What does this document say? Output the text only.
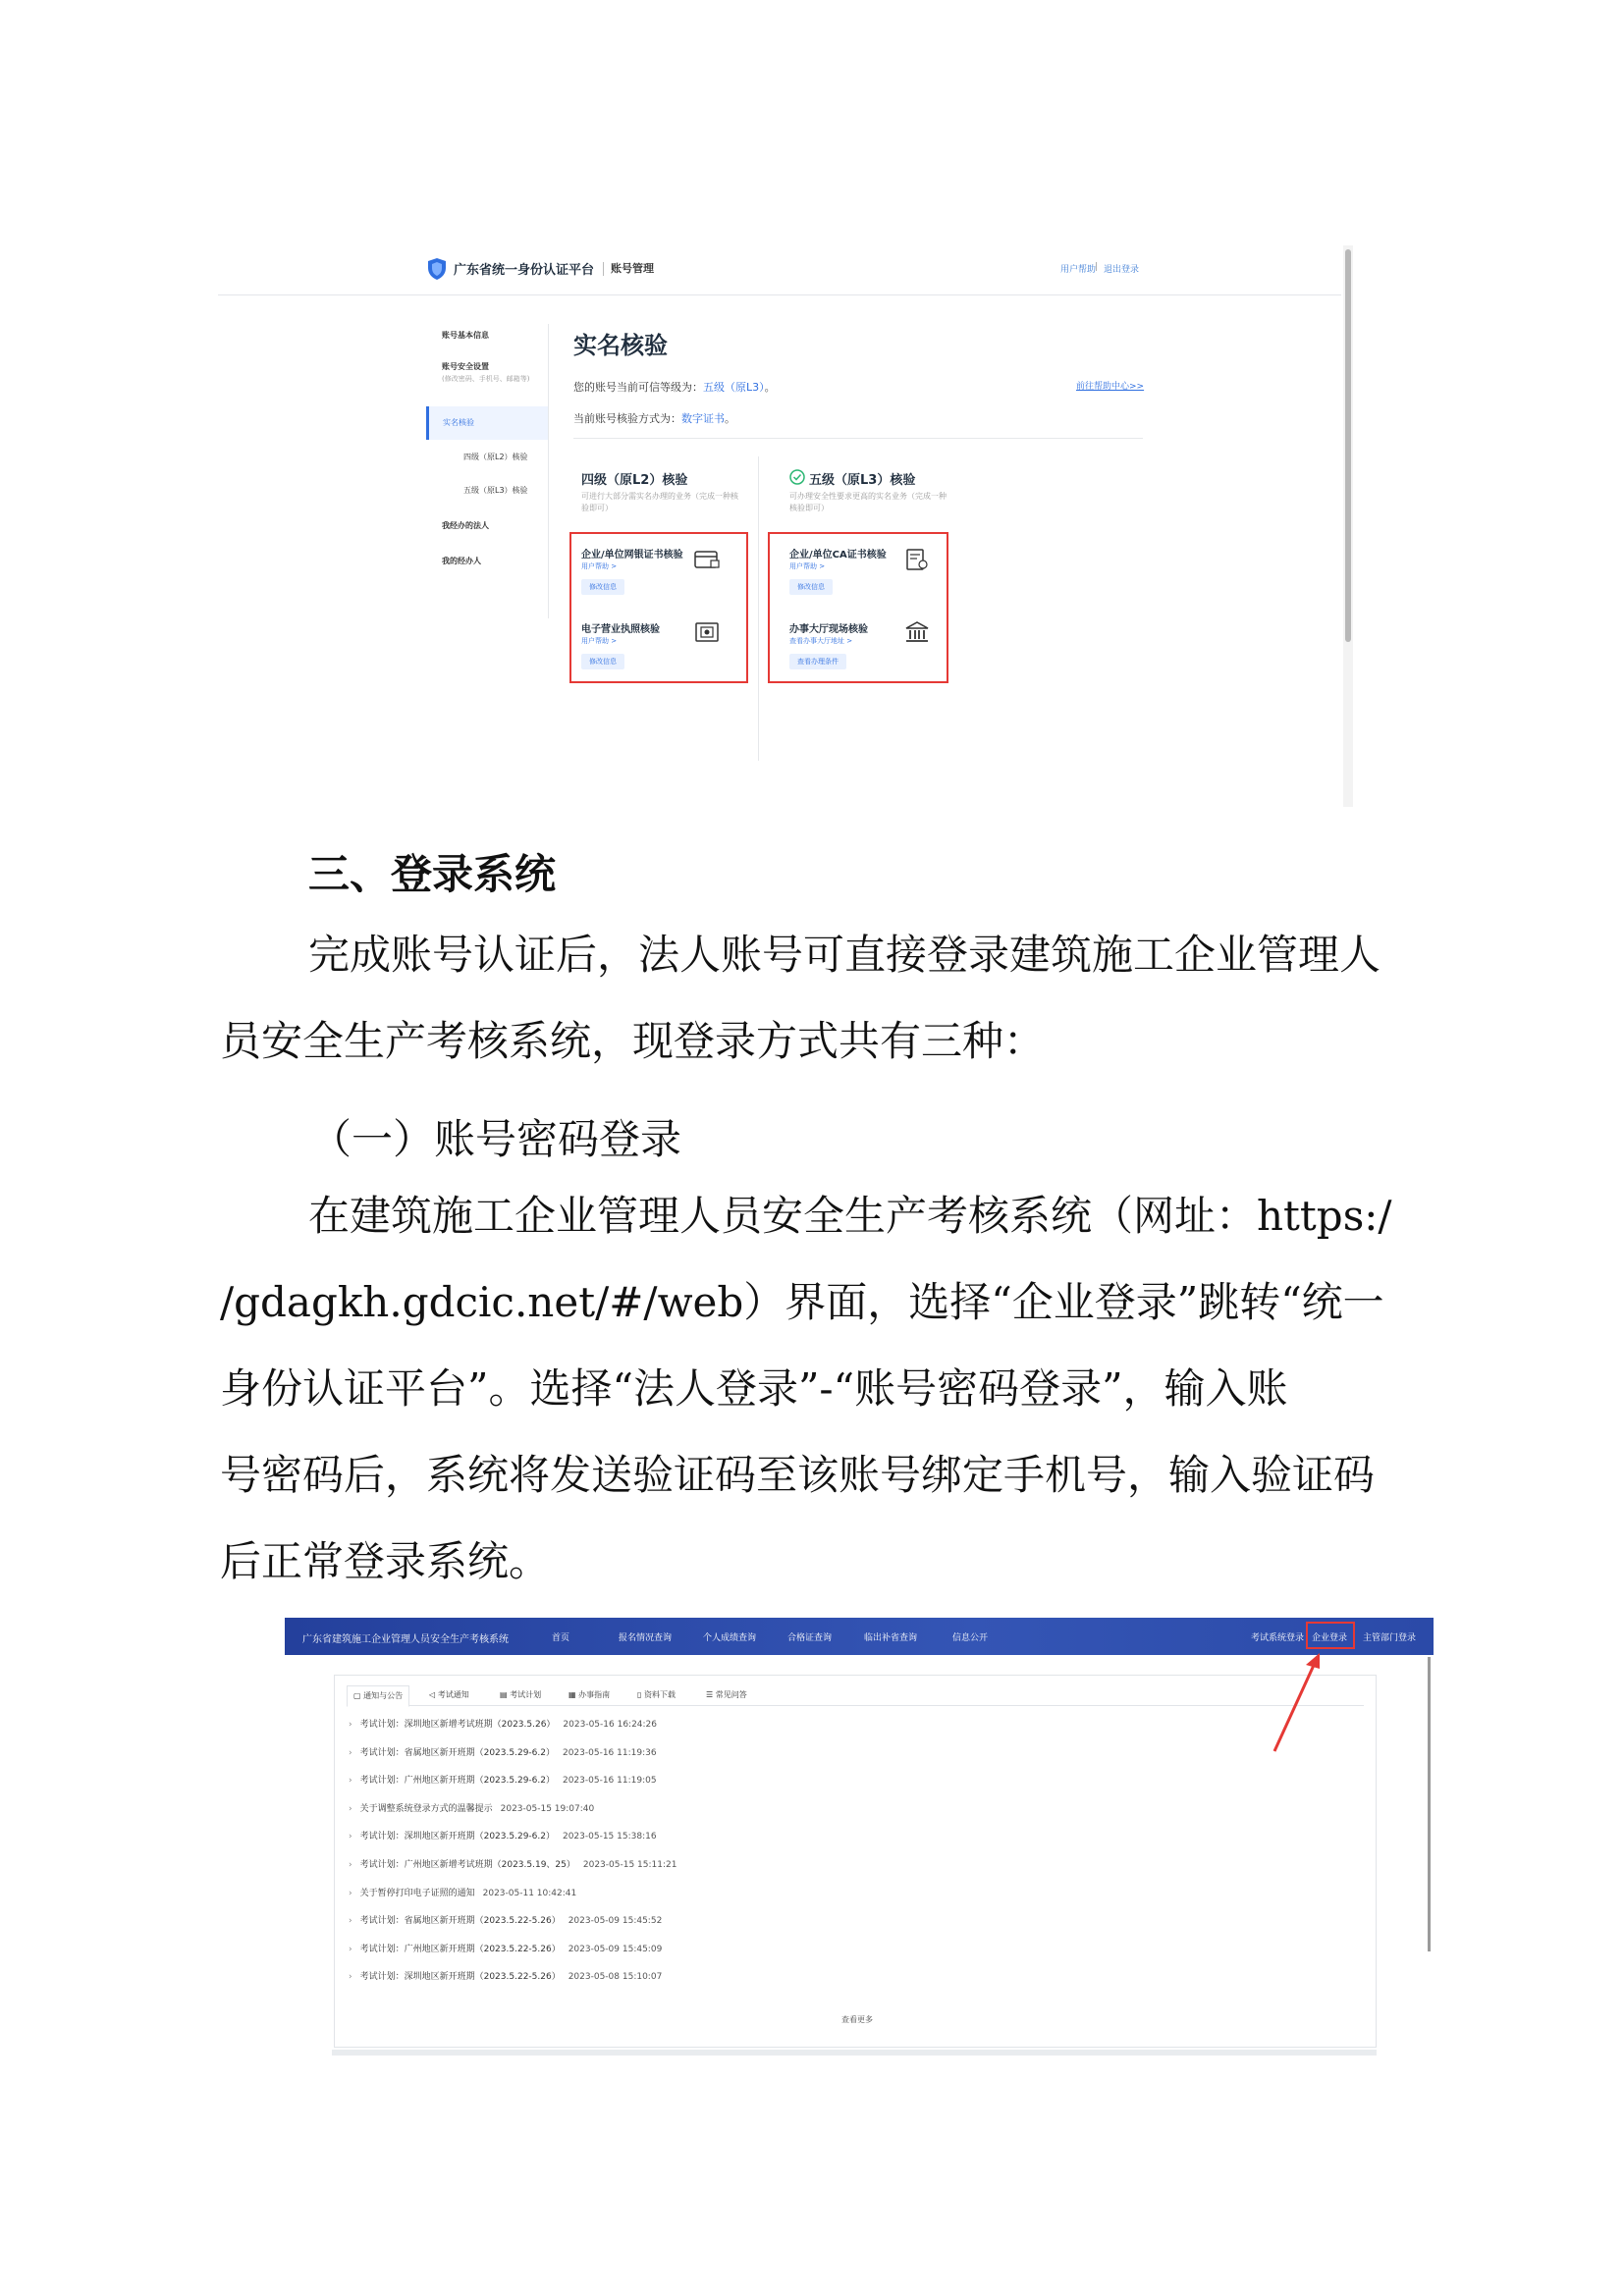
广东省统一身份认证平台 账号管理	用户帮助
| 退出登录
账号基本信息
账号安全设置
(修改密码、手机号、邮箱等)
实名核验
四级（原L2）核验
五级（原L3）核验
我经办的法人
我的经办人
实名核验
您的账号当前可信等级为：五级（原L3）。
当前账号核验方式为：数字证书。
前往帮助中心>>
四级（原L2）核验
可进行大部分需实名办理的业务（完成一种核验即可）
企业/单位网银证书核验
用户帮助 >
修改信息
电子营业执照核验
用户帮助 >
修改信息
五级（原L3）核验
可办理安全性要求更高的实名业务（完成一种核验即可）
企业/单位CA证书核验
用户帮助 >
修改信息
办事大厅现场核验
查看办事大厅地址 >
查看办理条件
三、登录系统
完成账号认证后，法人账号可直接登录建筑施工企业管理人
员安全生产考核系统，现登录方式共有三种：
（一）账号密码登录
在建筑施工企业管理人员安全生产考核系统（网址：https:/
/gdagkh.gdcic.net/#/web）界面，选择“企业登录”跳转“统一
身份认证平台”。选择“法人登录”-“账号密码登录”，输入账
号密码后，系统将发送验证码至该账号绑定手机号，输入验证码
后正常登录系统。
广东省建筑施工企业管理人员安全生产考核系统	首页	报名情况查询	个人成绩查询	合格证查询	临出补省查询	信息公开	考试系统登录 企业登录 主管部门登录
▢ 通知与公告	◁ 考试通知	▤ 考试计划	▦ 办事指南	▯ 资料下载	☰ 常见问答
› 考试计划：深圳地区新增考试班期（2023.5.26） 2023-05-16 16:24:26
› 考试计划：省属地区新开班期（2023.5.29-6.2） 2023-05-16 11:19:36
› 考试计划：广州地区新开班期（2023.5.29-6.2） 2023-05-16 11:19:05
› 关于调整系统登录方式的温馨提示 2023-05-15 19:07:40
› 考试计划：深圳地区新开班期（2023.5.29-6.2） 2023-05-15 15:38:16
› 考试计划：广州地区新增考试班期（2023.5.19、25） 2023-05-15 15:11:21
› 关于暂停打印电子证照的通知 2023-05-11 10:42:41
› 考试计划：省属地区新开班期（2023.5.22-5.26） 2023-05-09 15:45:52
› 考试计划：广州地区新开班期（2023.5.22-5.26） 2023-05-09 15:45:09
› 考试计划：深圳地区新开班期（2023.5.22-5.26） 2023-05-08 15:10:07
查看更多
